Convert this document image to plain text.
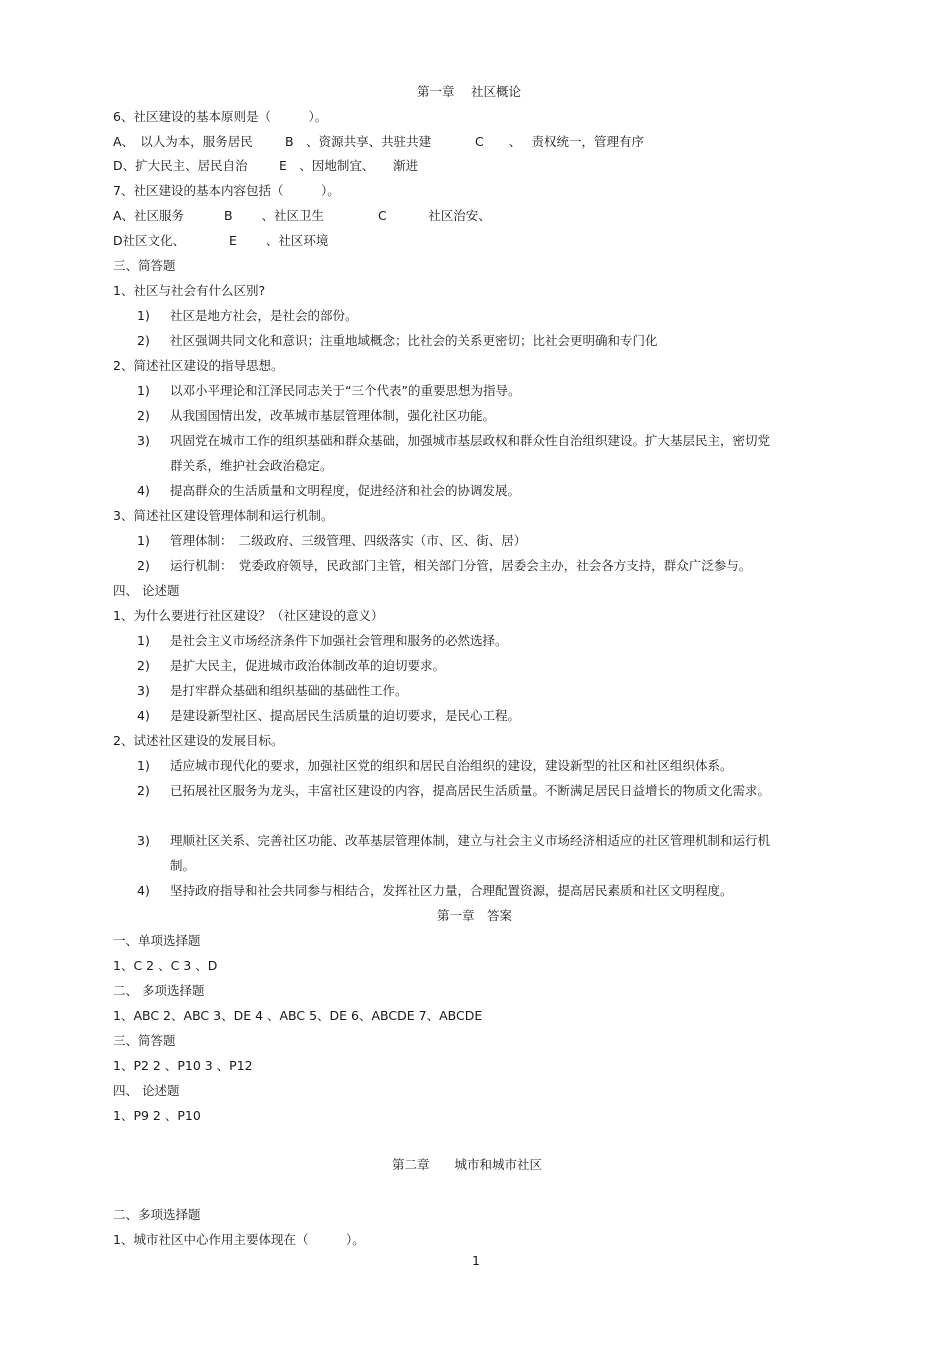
第一章　 社区概论
6、社区建设的基本原则是（　　　）。
A、　以人为本，服务居民	B　、资源共享、共驻共建	C　　、　 责权统一，管理有序
D、扩大民主、居民自治	E　、因地制宜、　　渐进
7、社区建设的基本内容包括（　　　）。
A、社区服务	B　　 、社区卫生	C　　　 社区治安、
D社区文化、	E　　 、社区环境
三、简答题
1、社区与社会有什么区别?
1) 社区是地方社会，是社会的部份。
2) 社区强调共同文化和意识；注重地域概念；比社会的关系更密切；比社会更明确和专门化
2、简述社区建设的指导思想。
1) 以邓小平理论和江泽民同志关于“三个代表”的重要思想为指导。
2) 从我国国情出发，改革城市基层管理体制，强化社区功能。
3) 巩固党在城市工作的组织基础和群众基础，加强城市基层政权和群众性自治组织建设。扩大基层民主，密切党群关系，维护社会政治稳定。
4) 提高群众的生活质量和文明程度，促进经济和社会的协调发展。
3、简述社区建设管理体制和运行机制。
1) 管理体制：　二级政府、三级管理、四级落实（市、区、街、居）
2) 运行机制：　党委政府领导，民政部门主管，相关部门分管，居委会主办，社会各方支持，群众广泛参与。
四、 论述题
1、为什么要进行社区建设？（社区建设的意义）
1) 是社会主义市场经济条件下加强社会管理和服务的必然选择。
2) 是扩大民主，促进城市政治体制改革的迫切要求。
3) 是打牢群众基础和组织基础的基础性工作。
4) 是建设新型社区、提高居民生活质量的迫切要求，是民心工程。
2、试述社区建设的发展目标。
1) 适应城市现代化的要求，加强社区党的组织和居民自治组织的建设，建设新型的社区和社区组织体系。
2) 已拓展社区服务为龙头，丰富社区建设的内容，提高居民生活质量。不断满足居民日益增长的物质文化需求。
3) 理顺社区关系、完善社区功能、改革基层管理体制，建立与社会主义市场经济相适应的社区管理机制和运行机制。
4) 坚持政府指导和社会共同参与相结合，发挥社区力量，合理配置资源，提高居民素质和社区文明程度。
第一章　答案
一、单项选择题
1、C 2 、C 3 、D
二、 多项选择题
1、ABC 2、ABC 3、DE 4 、ABC 5、DE 6、ABCDE 7、ABCDE
三、简答题
1、P2 2 、P10 3 、P12
四、 论述题
1、P9 2 、P10
第二章　　城市和城市社区
二、多项选择题
1、城市社区中心作用主要体现在（　　　）。
1
